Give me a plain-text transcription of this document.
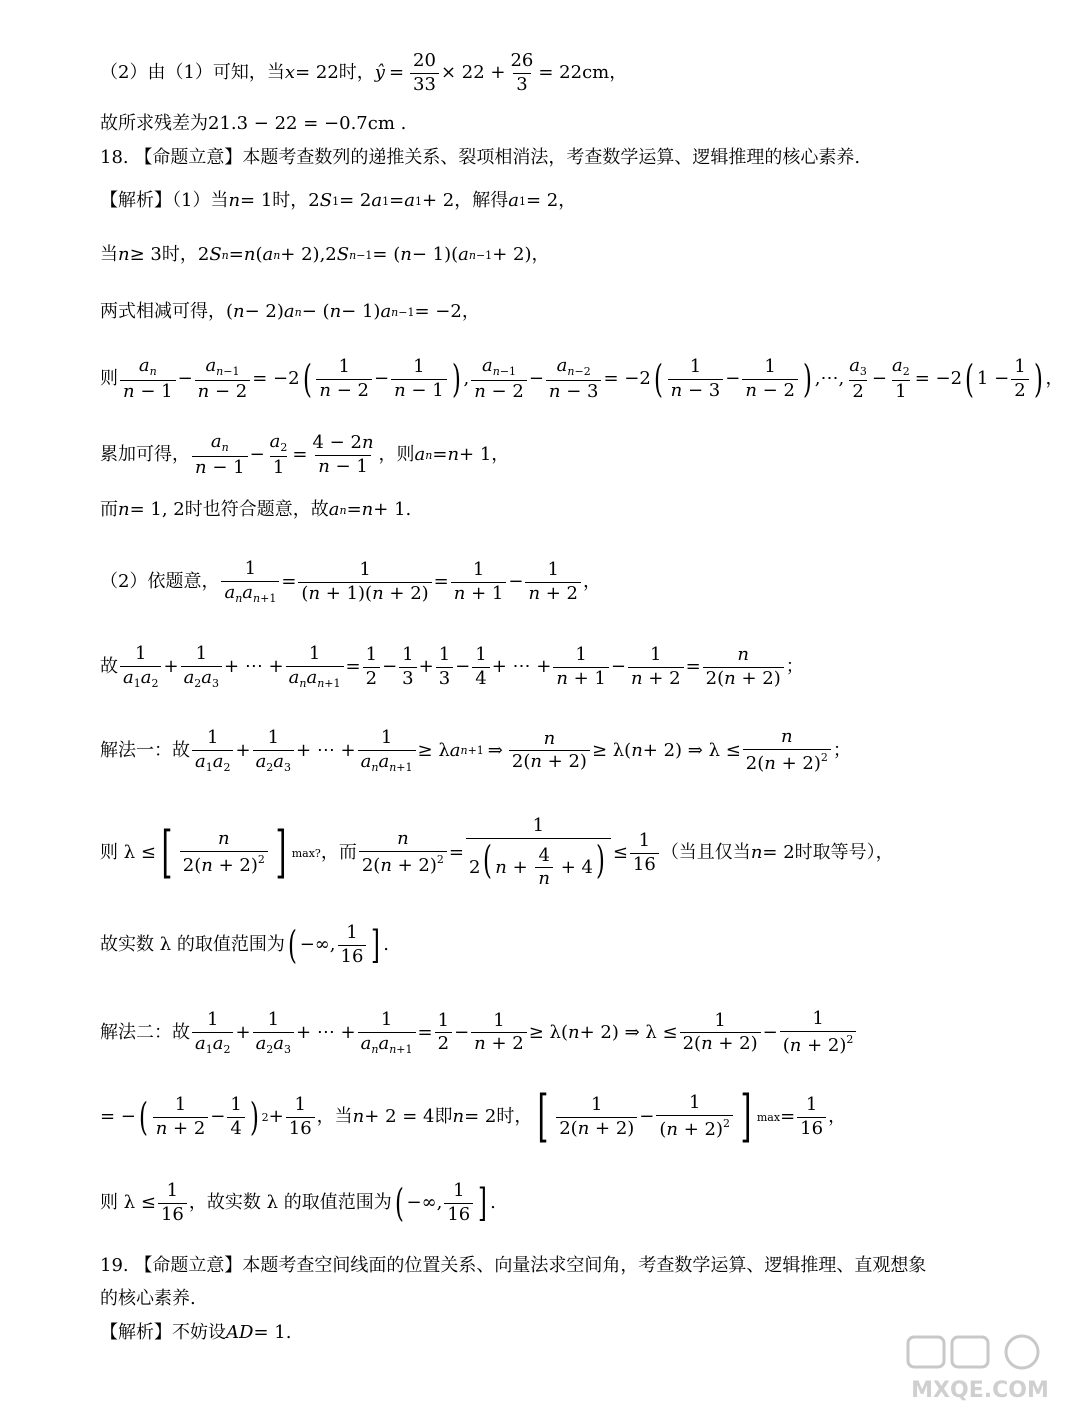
（2）由（1）可知，当 x = 22时， ŷ = $\frac{20}{33} \times 22 + \frac{26}{3} = 22cm$，
故所求残差为21.3 − 22 = −0.7cm .
18. 【命题立意】本题考查数列的递推关系、裂项相消法，考查数学运算、逻辑推理的核心素养.
【解析】（1）当 n = 1时，2 S 1 = 2 a 1 = a 1 + 2，解得 a 1 = 2，
当 n ≥ 3时，2 S n = n ( a n + 2),2 S n−1 = ( n − 1)( a n−1 + 2)，
两式相减可得，( n − 2) a n − ( n − 1) a n−1 = −2，
则 $\frac{a_n}{n - 1} - \frac{a_{n-1}}{n - 2} = -2$ ( $\frac{1}{n - 2} - \frac{1}{n - 1}$ ) , $\frac{a_{n-1}}{n - 2} - \frac{a_{n-2}}{n - 3} = -2$ ( $\frac{1}{n - 3} - \frac{1}{n - 2}$ ) ,⋯, $\frac{a_3}{2} - \frac{a_2}{1} = -2$ ( $1 - \frac{1}{2}$ ) ，
累加可得， $\frac{a_n}{n - 1} - \frac{a_2}{1} = \frac{4 - 2n}{n - 1}$ ，则 a n = n + 1，
而 n = 1, 2时也符合题意，故 a n = n + 1.
（2）依题意， $\frac{1}{a_na_{n+1}} = \frac{1}{(n + 1)(n + 2)} = \frac{1}{n + 1} - \frac{1}{n + 2}$ ，
故 $\frac{1}{a_1a_2} + \frac{1}{a_2a_3}$ + ⋯ + $\frac{1}{a_na_{n+1}} = \frac{1}{2} - \frac{1}{3} + \frac{1}{3} - \frac{1}{4}$ + ⋯ + $\frac{1}{n + 1} - \frac{1}{n + 2} = \frac{n}{2(n + 2)}$ ；
解法一：故 $\frac{1}{a_1a_2} + \frac{1}{a_2a_3}$ + ⋯ + $\frac{1}{a_na_{n+1}} \ge \lambda$ a n+1 ⇒ $\frac{n}{2(n + 2)} \ge \lambda$( n + 2) ⇒ $\lambda \le \frac{n}{2(n + 2)^2}$ ；
则 λ ≤ [ $\frac{n}{2(n + 2)^2}$ ] max? ，而 $\frac{n}{2(n + 2)^2} = \frac{1}{2( n + \frac{4}{n} + 4)} \le \frac{1}{16}$ （当且仅当 n = 2时取等号），
故实数 λ 的取值范围为 ( −∞, $\frac{1}{16}$ ] .
解法二：故 $\frac{1}{a_1a_2} + \frac{1}{a_2a_3}$ + ⋯ + $\frac{1}{a_na_{n+1}} = \frac{1}{2} - \frac{1}{n + 2} \ge \lambda$( n + 2) ⇒ $\lambda \le \frac{1}{2(n + 2)} - \frac{1}{(n + 2)^2}$
= − ( $\frac{1}{n + 2} - \frac{1}{4}$ ) $2 + \frac{1}{16}$ ，当 n + 2 = 4即 n = 2时， [ $\frac{1}{2(n + 2)} - \frac{1}{(n + 2)^2}$ ] $\max = \frac{1}{16}$ ，
则 $\lambda \le \frac{1}{16}$ ，故实数 λ 的取值范围为 ( −∞, $\frac{1}{16}$ ] .
19. 【命题立意】本题考查空间线面的位置关系、向量法求空间角，考查数学运算、逻辑推理、直观想象
的核心素养.
【解析】不妨设AD= 1.
MXQE.COM
